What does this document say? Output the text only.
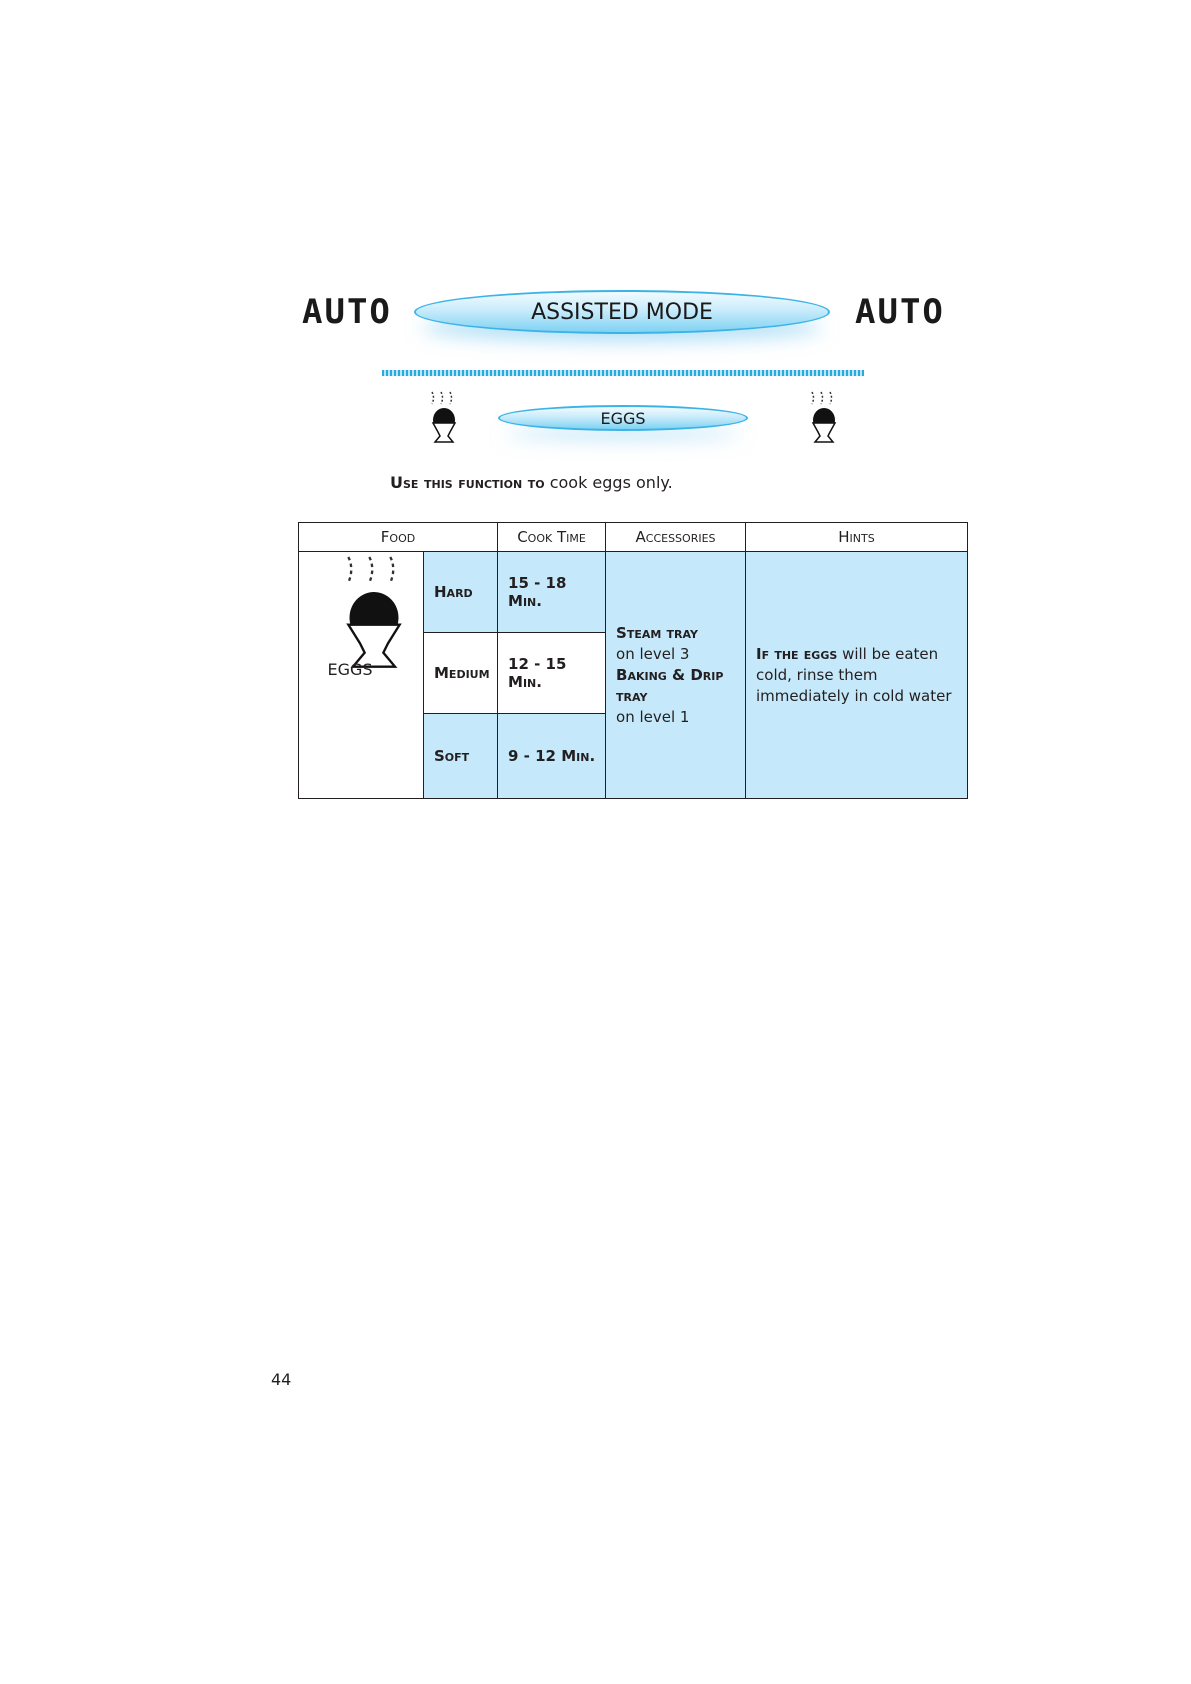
AUTO	ASSISTED MODE	AUTO
EGGS
Use this function to cook eggs only.
Food		Cook Time	Accessories	Hints

EGGS	Hard	15 - 18 Min.	Steam tray
on level 3
Baking & Drip tray
on level 1	If the eggs will be eaten cold, rinse them immediately in cold water
	Medium	12 - 15 Min.		
	Soft	9 - 12 Min.		
44
